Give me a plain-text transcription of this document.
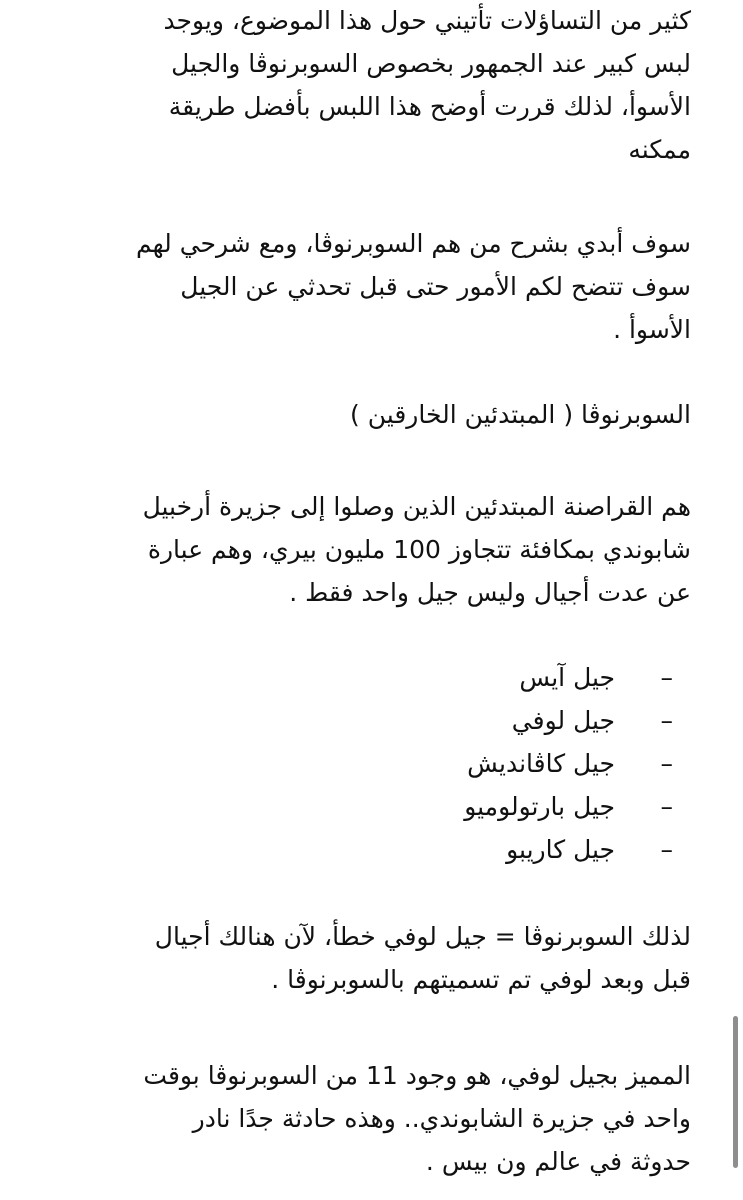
كثير من التساؤلات تأتيني حول هذا الموضوع، ويوجد
لبس كبير عند الجمهور بخصوص السوبرنوڤا والجيل
الأسوأ، لذلك قررت أوضح هذا اللبس بأفضل طريقة
ممكنه
سوف أبدي بشرح من هم السوبرنوڤا، ومع شرحي لهم
سوف تتضح لكم الأمور حتى قبل تحدثي عن الجيل
الأسوأ .
السوبرنوڤا ( المبتدئين الخارقين )
هم القراصنة المبتدئين الذين وصلوا إلى جزيرة أرخبيل
شابوندي بمكافئة تتجاوز 100 مليون بيري، وهم عبارة
عن عدت أجيال وليس جيل واحد فقط .
–
جيل آيس
–
جيل لوفي
–
جيل كاڤانديش
–
جيل بارتولوميو
–
جيل كاريبو
لذلك السوبرنوڤا = جيل لوفي خطأ، لآن هنالك أجيال
قبل وبعد لوفي تم تسميتهم بالسوبرنوڤا .
المميز بجيل لوفي، هو وجود 11 من السوبرنوڤا بوقت
واحد في جزيرة الشابوندي.. وهذه حادثة جدًا نادر
حدوثة في عالم ون بيس .
